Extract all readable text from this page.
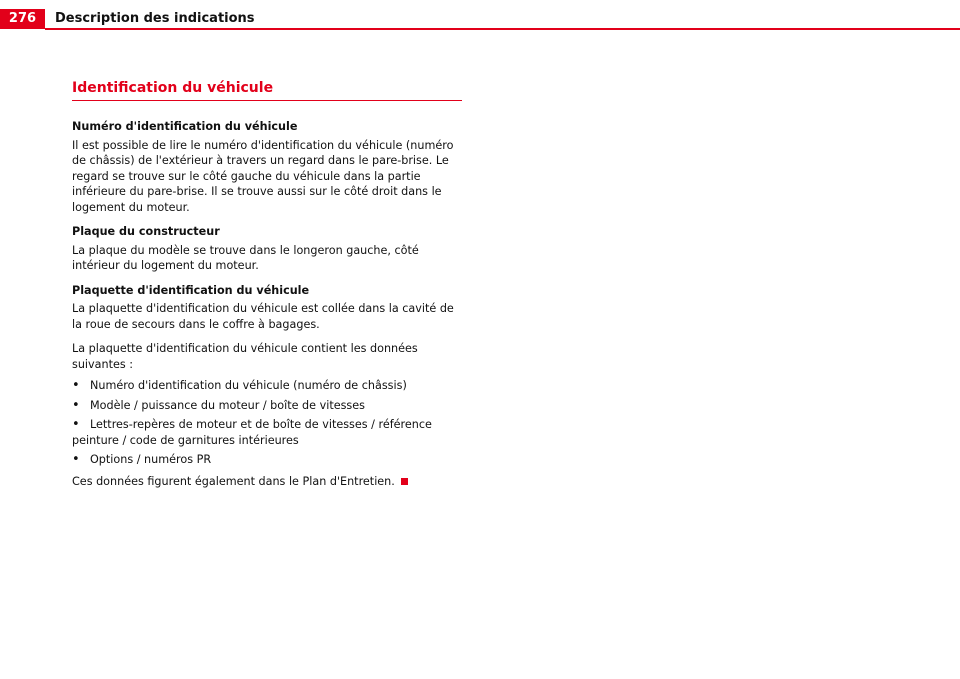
276	Description des indications
Identification du véhicule
Numéro d'identification du véhicule

Il est possible de lire le numéro d'identification du véhicule (numéro de châssis) de l'extérieur à travers un regard dans le pare-brise. Le regard se trouve sur le côté gauche du véhicule dans la partie inférieure du pare-brise. Il se trouve aussi sur le côté droit dans le logement du moteur.

Plaque du constructeur

La plaque du modèle se trouve dans le longeron gauche, côté intérieur du logement du moteur.

Plaquette d'identification du véhicule

La plaquette d'identification du véhicule est collée dans la cavité de la roue de secours dans le coffre à bagages.

La plaquette d'identification du véhicule contient les données suivantes :

• Numéro d'identification du véhicule (numéro de châssis)
• Modèle / puissance du moteur / boîte de vitesses
• Lettres-repères de moteur et de boîte de vitesses / référence peinture / code de garnitures intérieures
• Options / numéros PR

Ces données figurent également dans le Plan d'Entretien.
